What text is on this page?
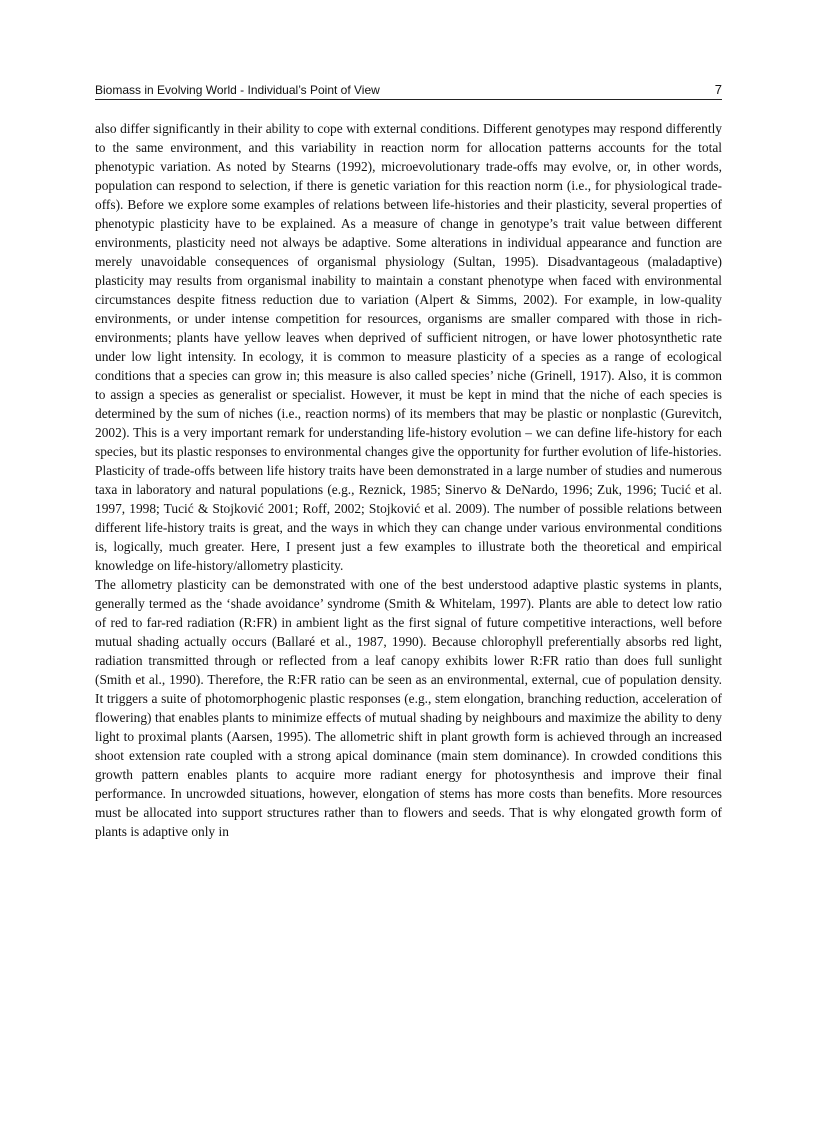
Biomass in Evolving World - Individual’s Point of View	7

also differ significantly in their ability to cope with external conditions. Different genotypes may respond differently to the same environment, and this variability in reaction norm for allocation patterns accounts for the total phenotypic variation. As noted by Stearns (1992), microevolutionary trade-offs may evolve, or, in other words, population can respond to selection, if there is genetic variation for this reaction norm (i.e., for physiological trade-offs). Before we explore some examples of relations between life-histories and their plasticity, several properties of phenotypic plasticity have to be explained. As a measure of change in genotype’s trait value between different environments, plasticity need not always be adaptive. Some alterations in individual appearance and function are merely unavoidable consequences of organismal physiology (Sultan, 1995). Disadvantageous (maladaptive) plasticity may results from organismal inability to maintain a constant phenotype when faced with environmental circumstances despite fitness reduction due to variation (Alpert & Simms, 2002). For example, in low-quality environments, or under intense competition for resources, organisms are smaller compared with those in rich-environments; plants have yellow leaves when deprived of sufficient nitrogen, or have lower photosynthetic rate under low light intensity. In ecology, it is common to measure plasticity of a species as a range of ecological conditions that a species can grow in; this measure is also called species’ niche (Grinell, 1917). Also, it is common to assign a species as generalist or specialist. However, it must be kept in mind that the niche of each species is determined by the sum of niches (i.e., reaction norms) of its members that may be plastic or nonplastic (Gurevitch, 2002). This is a very important remark for understanding life-history evolution – we can define life-history for each species, but its plastic responses to environmental changes give the opportunity for further evolution of life-histories.

Plasticity of trade-offs between life history traits have been demonstrated in a large number of studies and numerous taxa in laboratory and natural populations (e.g., Reznick, 1985; Sinervo & DeNardo, 1996; Zuk, 1996; Tucić et al. 1997, 1998; Tucić & Stojković 2001; Roff, 2002; Stojković et al. 2009). The number of possible relations between different life-history traits is great, and the ways in which they can change under various environmental conditions is, logically, much greater. Here, I present just a few examples to illustrate both the theoretical and empirical knowledge on life-history/allometry plasticity.

The allometry plasticity can be demonstrated with one of the best understood adaptive plastic systems in plants, generally termed as the ‘shade avoidance’ syndrome (Smith & Whitelam, 1997). Plants are able to detect low ratio of red to far-red radiation (R:FR) in ambient light as the first signal of future competitive interactions, well before mutual shading actually occurs (Ballaré et al., 1987, 1990). Because chlorophyll preferentially absorbs red light, radiation transmitted through or reflected from a leaf canopy exhibits lower R:FR ratio than does full sunlight (Smith et al., 1990). Therefore, the R:FR ratio can be seen as an environmental, external, cue of population density. It triggers a suite of photomorphogenic plastic responses (e.g., stem elongation, branching reduction, acceleration of flowering) that enables plants to minimize effects of mutual shading by neighbours and maximize the ability to deny light to proximal plants (Aarsen, 1995). The allometric shift in plant growth form is achieved through an increased shoot extension rate coupled with a strong apical dominance (main stem dominance). In crowded conditions this growth pattern enables plants to acquire more radiant energy for photosynthesis and improve their final performance. In uncrowded situations, however, elongation of stems has more costs than benefits. More resources must be allocated into support structures rather than to flowers and seeds. That is why elongated growth form of plants is adaptive only in
